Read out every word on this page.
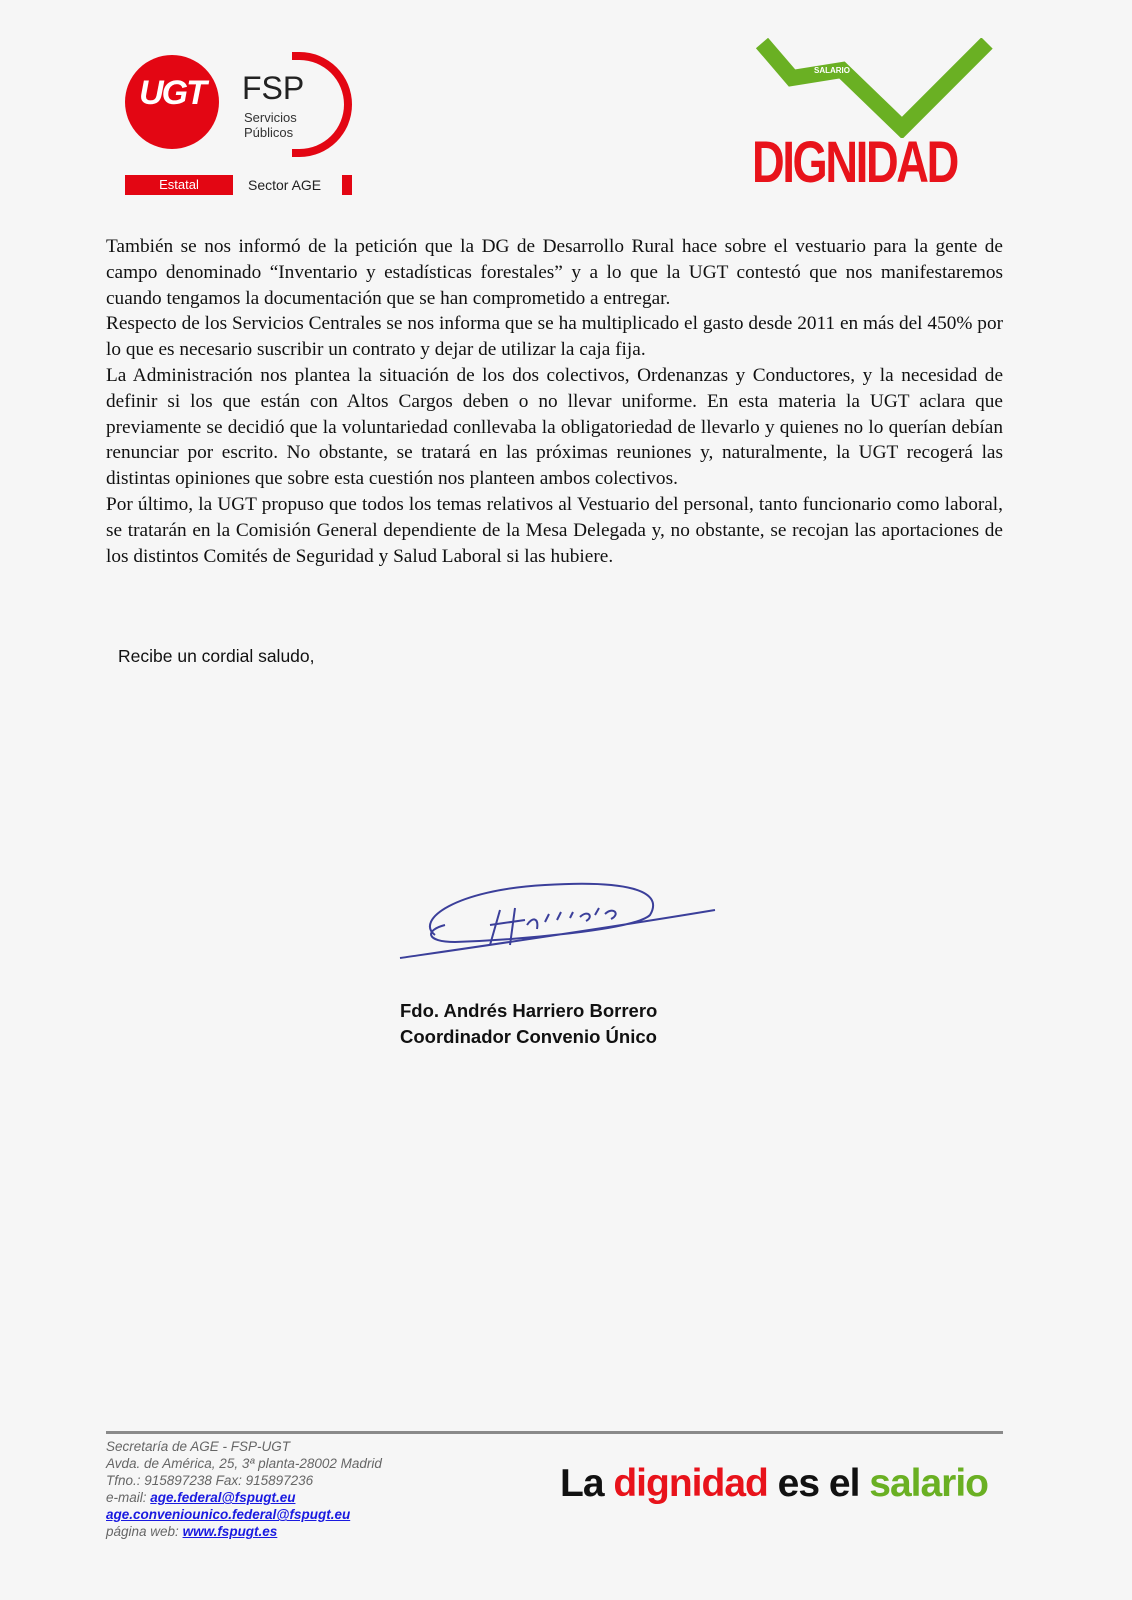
UGT FSP
Servicios
Públicos
Estatal	Sector AGE
SALARIO
DIGNIDAD

También se nos informó de la petición que la DG de Desarrollo Rural hace sobre el vestuario para la gente de campo denominado “Inventario y estadísticas forestales” y a lo que la UGT contestó que nos manifestaremos cuando tengamos la documentación que se han comprometido a entregar.

Respecto de los Servicios Centrales se nos informa que se ha multiplicado el gasto desde 2011 en más del 450% por lo que es necesario suscribir un contrato y dejar de utilizar la caja fija.

La Administración nos plantea la situación de los dos colectivos, Ordenanzas y Conductores, y la necesidad de definir si los que están con Altos Cargos deben o no llevar uniforme. En esta materia la UGT aclara que previamente se decidió que la voluntariedad conllevaba la obligatoriedad de llevarlo y quienes no lo querían debían renunciar por escrito. No obstante, se tratará en las próximas reuniones y, naturalmente, la UGT recogerá las distintas opiniones que sobre esta cuestión nos planteen ambos colectivos.

Por último, la UGT propuso que todos los temas relativos al Vestuario del personal, tanto funcionario como laboral, se tratarán en la Comisión General dependiente de la Mesa Delegada y, no obstante, se recojan las aportaciones de los distintos Comités de Seguridad y Salud Laboral si las hubiere.

Recibe un cordial saludo,
Fdo. Andrés Harriero Borrero
Coordinador Convenio Único
Secretaría de AGE - FSP-UGT
Avda. de América, 25, 3ª planta-28002 Madrid
Tfno.: 915897238 Fax: 915897236
e-mail: age.federal@fspugt.eu
age.conveniounico.federal@fspugt.eu
página web: www.fspugt.es
La dignidad es el salario
